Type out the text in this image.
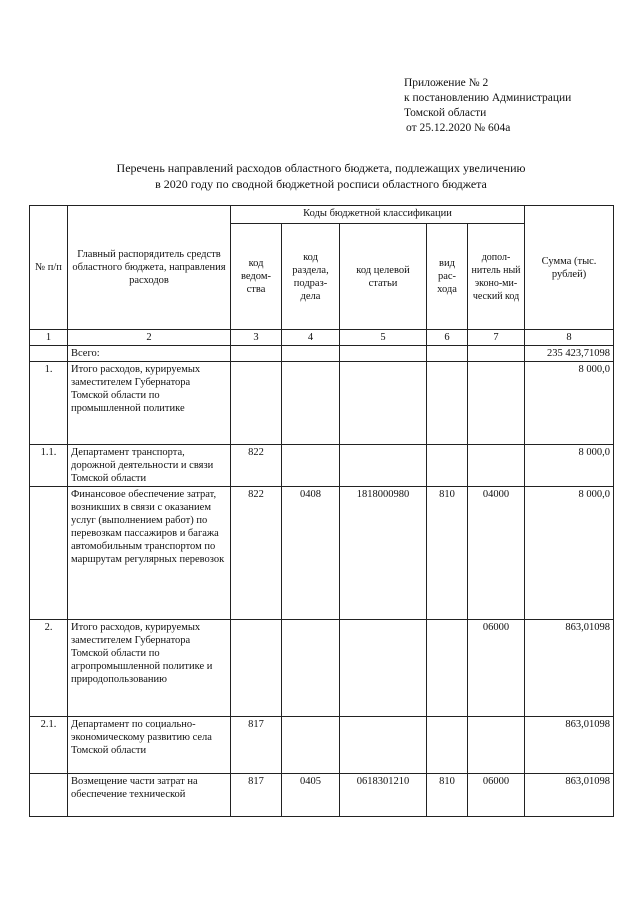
Приложение № 2
к постановлению Администрации
Томской области
от 25.12.2020 № 604а
Перечень направлений расходов областного бюджета, подлежащих увеличению
в 2020 году по сводной бюджетной росписи областного бюджета
№ п/п	Главный распорядитель средств областного бюджета, направления расходов	Коды бюджетной классификации					Сумма (тыс. рублей)
		код ведом-ства	код раздела, подраз-дела	код целевой статьи	вид рас-хода	допол-нитель ный эконо-ми-ческий код	
1	2	3	4	5	6	7	8
	Всего:						235 423,71098
1.	Итого расходов, курируемых заместителем Губернатора Томской области по промышленной политике						8 000,0
1.1.	Департамент транспорта, дорожной деятельности и связи Томской области	822					8 000,0
	Финансовое обеспечение затрат, возникших в связи с оказанием услуг (выполнением работ) по перевозкам пассажиров и багажа автомобильным транспортом по маршрутам регулярных перевозок	822	0408	1818000980	810	04000	8 000,0
2.	Итого расходов, курируемых заместителем Губернатора Томской области по агропромышленной политике и природопользованию					06000	863,01098
2.1.	Департамент по социально-экономическому развитию села Томской области	817					863,01098
	Возмещение части затрат на обеспечение технической	817	0405	0618301210	810	06000	863,01098
